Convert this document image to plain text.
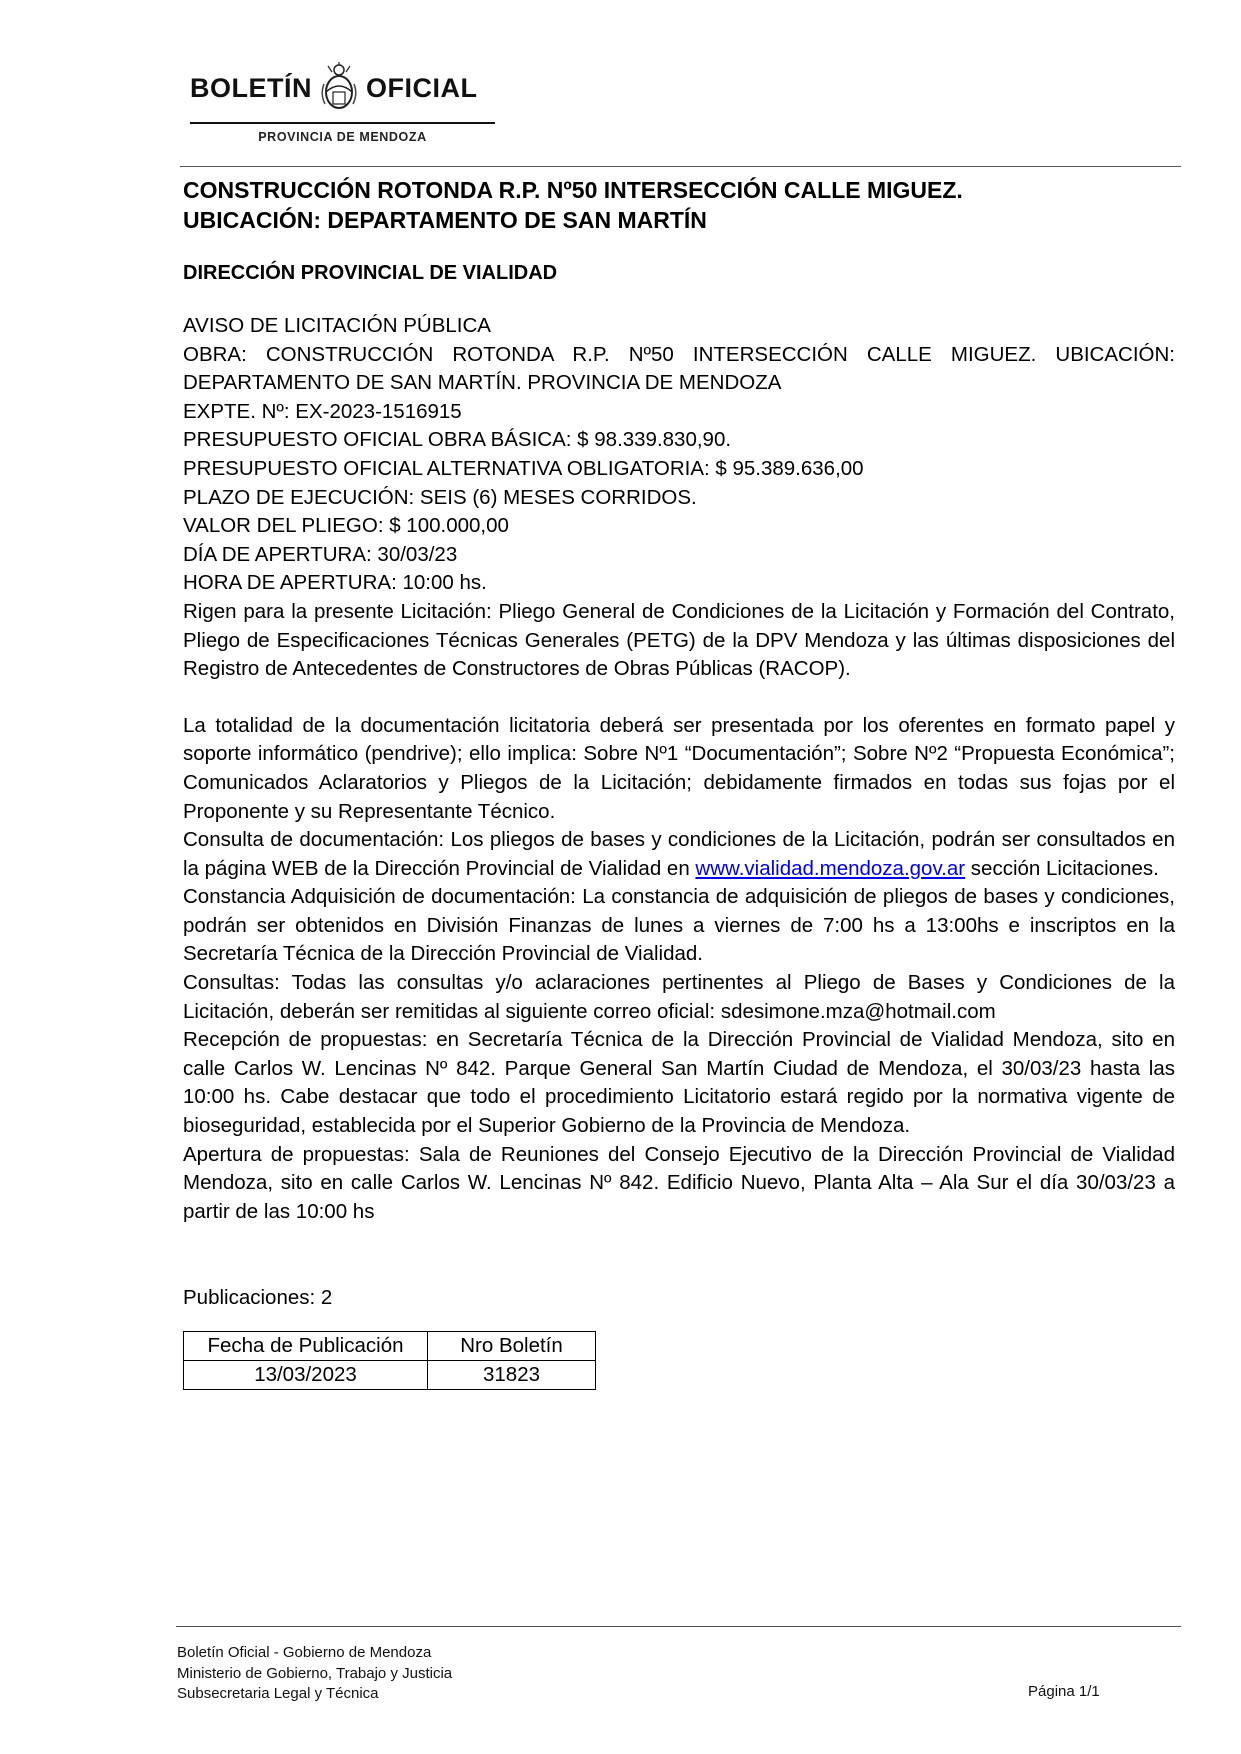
BOLETÍN OFICIAL
PROVINCIA DE MENDOZA
CONSTRUCCIÓN ROTONDA R.P. Nº50 INTERSECCIÓN CALLE MIGUEZ.
UBICACIÓN: DEPARTAMENTO DE SAN MARTÍN
DIRECCIÓN PROVINCIAL DE VIALIDAD

AVISO DE LICITACIÓN PÚBLICA

OBRA: CONSTRUCCIÓN ROTONDA R.P. Nº50 INTERSECCIÓN CALLE MIGUEZ. UBICACIÓN: DEPARTAMENTO DE SAN MARTÍN. PROVINCIA DE MENDOZA

EXPTE. Nº: EX-2023-1516915

PRESUPUESTO OFICIAL OBRA BÁSICA: $ 98.339.830,90.

PRESUPUESTO OFICIAL ALTERNATIVA OBLIGATORIA: $ 95.389.636,00

PLAZO DE EJECUCIÓN: SEIS (6) MESES CORRIDOS.

VALOR DEL PLIEGO: $ 100.000,00

DÍA DE APERTURA: 30/03/23

HORA DE APERTURA: 10:00 hs.

Rigen para la presente Licitación: Pliego General de Condiciones de la Licitación y Formación del Contrato, Pliego de Especificaciones Técnicas Generales (PETG) de la DPV Mendoza y las últimas disposiciones del Registro de Antecedentes de Constructores de Obras Públicas (RACOP).

La totalidad de la documentación licitatoria deberá ser presentada por los oferentes en formato papel y soporte informático (pendrive); ello implica: Sobre Nº1 “Documentación”; Sobre Nº2 “Propuesta Económica”; Comunicados Aclaratorios y Pliegos de la Licitación; debidamente firmados en todas sus fojas por el Proponente y su Representante Técnico.

Consulta de documentación: Los pliegos de bases y condiciones de la Licitación, podrán ser consultados en la página WEB de la Dirección Provincial de Vialidad en www.vialidad.mendoza.gov.ar sección Licitaciones.

Constancia Adquisición de documentación: La constancia de adquisición de pliegos de bases y condiciones, podrán ser obtenidos en División Finanzas de lunes a viernes de 7:00 hs a 13:00hs e inscriptos en la Secretaría Técnica de la Dirección Provincial de Vialidad.

Consultas: Todas las consultas y/o aclaraciones pertinentes al Pliego de Bases y Condiciones de la Licitación, deberán ser remitidas al siguiente correo oficial: sdesimone.mza@hotmail.com

Recepción de propuestas: en Secretaría Técnica de la Dirección Provincial de Vialidad Mendoza, sito en calle Carlos W. Lencinas Nº 842. Parque General San Martín Ciudad de Mendoza, el 30/03/23 hasta las 10:00 hs. Cabe destacar que todo el procedimiento Licitatorio estará regido por la normativa vigente de bioseguridad, establecida por el Superior Gobierno de la Provincia de Mendoza.

Apertura de propuestas: Sala de Reuniones del Consejo Ejecutivo de la Dirección Provincial de Vialidad Mendoza, sito en calle Carlos W. Lencinas Nº 842. Edificio Nuevo, Planta Alta – Ala Sur el día 30/03/23 a partir de las 10:00 hs

Publicaciones: 2
Fecha de Publicación	Nro Boletín
13/03/2023	31823
Boletín Oficial - Gobierno de Mendoza
Ministerio de Gobierno, Trabajo y Justicia
Subsecretaria Legal y Técnica	Página 1/1
